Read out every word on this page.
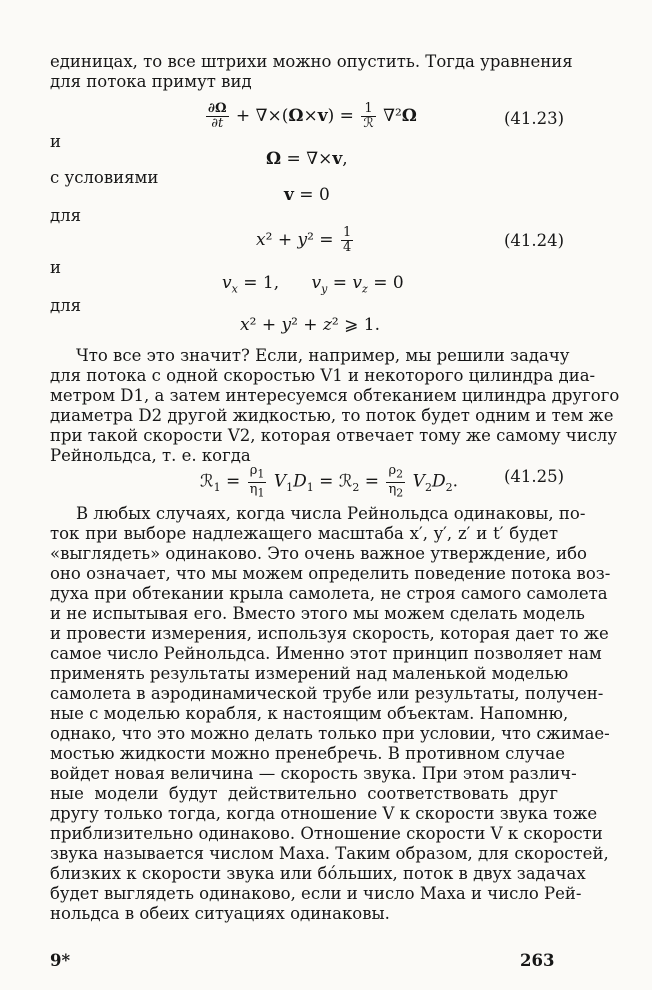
единицах, то все штрихи можно опустить. Тогда уравнения
для потока примут вид
$\frac{\partial\Omega}{\partial t} + \nabla\times(\Omega\times v) = \frac{1}{\text{ℛ}} \nabla^2\Omega$	(41.23)
и
Ω = ∇×v,
с условиями
v = 0
для
$x^2 + y^2 = \frac{1}{4}$	(41.24)
и
$v_x = 1$,      $v_y = v_z = 0$
для
x² + y² + z² ⩾ 1.
Что все это значит? Если, например, мы решили задачу
для потока с одной скоростью V1 и некоторого цилиндра диа-
метром D1, а затем интересуемся обтеканием цилиндра другого
диаметра D2 другой жидкостью, то поток будет одним и тем же
при такой скорости V2, которая отвечает тому же самому числу
Рейнольдса, т. е. когда
ℛ$_1$ = $\frac{\rho_1}{\eta_1} V_1D_1$ = ℛ$_2$ = $\frac{\rho_2}{\eta_2} V_2D_2$.	(41.25)
В любых случаях, когда числа Рейнольдса одинаковы, по-
ток при выборе надлежащего масштаба x′, y′, z′ и t′ будет
«выглядеть» одинаково. Это очень важное утверждение, ибо
оно означает, что мы можем определить поведение потока воз-
духа при обтекании крыла самолета, не строя самого самолета
и не испытывая его. Вместо этого мы можем сделать модель
и провести измерения, используя скорость, которая дает то же
самое число Рейнольдса. Именно этот принцип позволяет нам
применять результаты измерений над маленькой моделью
самолета в аэродинамической трубе или результаты, получен-
ные с моделью корабля, к настоящим объектам. Напомню,
однако, что это можно делать только при условии, что сжимае-
мостью жидкости можно пренебречь. В противном случае
войдет новая величина — скорость звука. При этом различ-
ные модели будут действительно соответствовать друг
другу только тогда, когда отношение V к скорости звука тоже
приблизительно одинаково. Отношение скорости V к скорости
звука называется числом Маха. Таким образом, для скоростей,
близких к скорости звука или бóльших, поток в двух задачах
будет выглядеть одинаково, если и число Маха и число Рей-
нольдса в обеих ситуациях одинаковы.
9*	263
